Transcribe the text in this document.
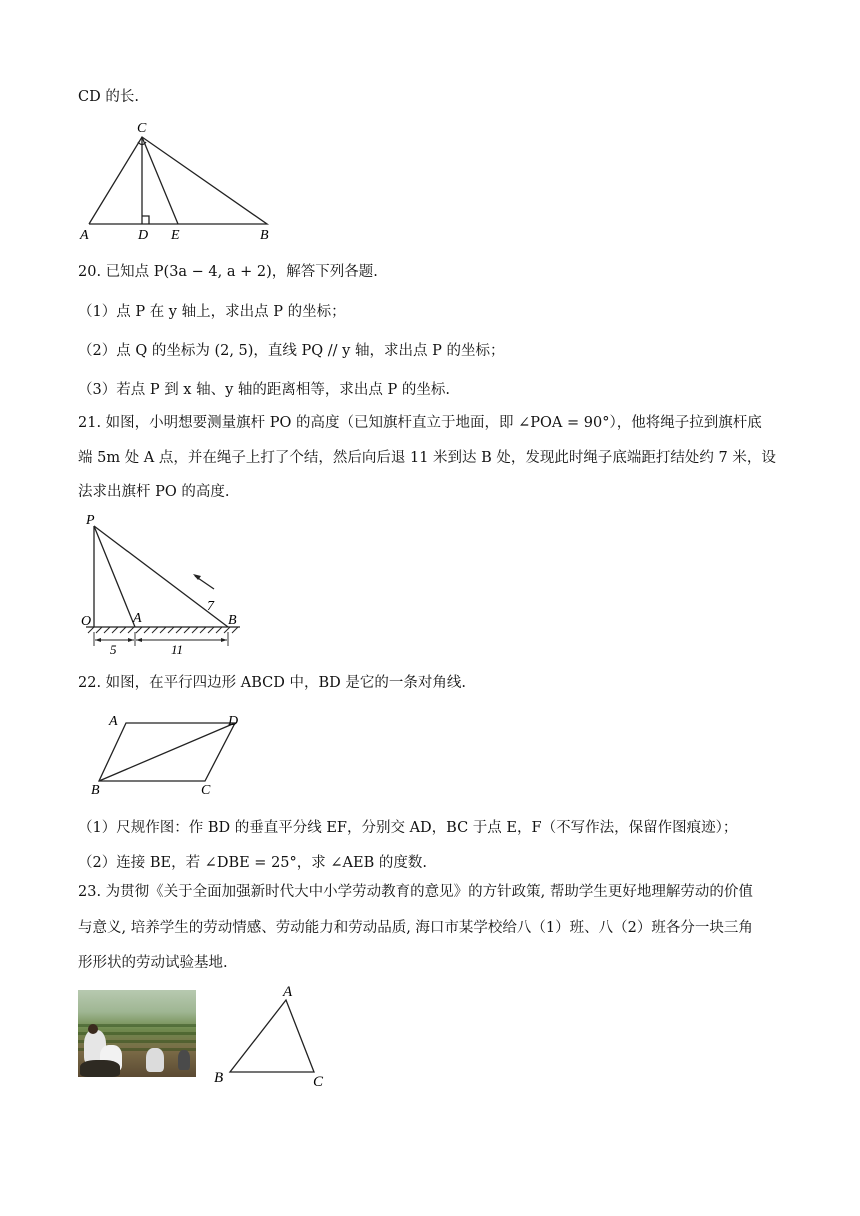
CD 的长.
C
A	D E	B
20. 已知点 P(3a − 4, a + 2)，解答下列各题.
（1）点 P 在 y 轴上，求出点 P 的坐标；
（2）点 Q 的坐标为 (2, 5)，直线 PQ // y 轴，求出点 P 的坐标；
（3）若点 P 到 x 轴、y 轴的距离相等，求出点 P 的坐标.
21. 如图，小明想要测量旗杆 PO 的高度（已知旗杆直立于地面，即 ∠POA = 90°），他将绳子拉到旗杆底
端 5m 处 A 点，并在绳子上打了个结，然后向后退 11 米到达 B 处，发现此时绳子底端距打结处约 7 米，设
法求出旗杆 PO 的高度.
P
O	A	B
7
5	11
22. 如图，在平行四边形 ABCD 中，BD 是它的一条对角线.
A	D
B	C
（1）尺规作图：作 BD 的垂直平分线 EF，分别交 AD，BC 于点 E，F（不写作法，保留作图痕迹）；
（2）连接 BE，若 ∠DBE = 25°，求 ∠AEB 的度数.
23. 为贯彻《关于全面加强新时代大中小学劳动教育的意见》的方针政策, 帮助学生更好地理解劳动的价值
与意义, 培养学生的劳动情感、劳动能力和劳动品质, 海口市某学校给八（1）班、八（2）班各分一块三角
形形状的劳动试验基地.
A
B	C
